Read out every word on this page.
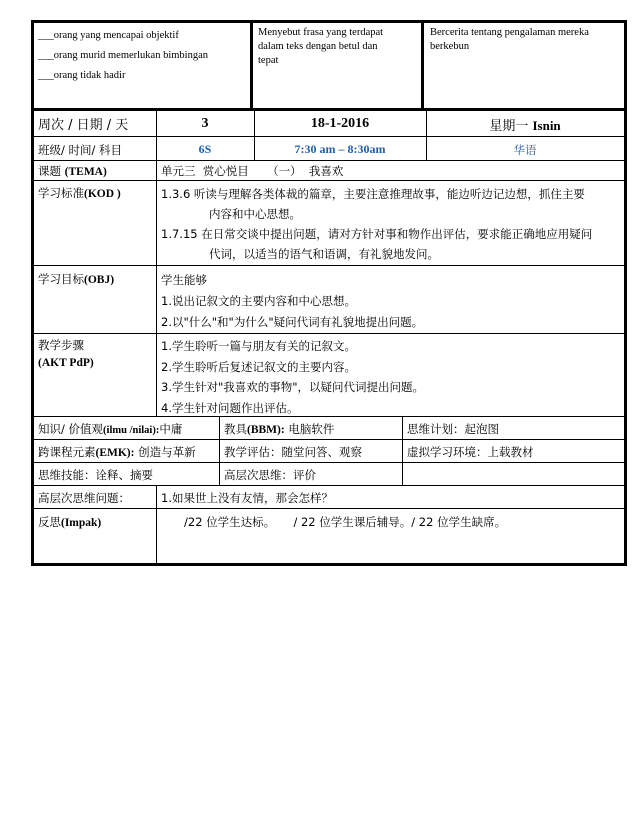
___orang yang mencapai objektif

___orang murid memerlukan bimbingan

___orang tidak hadir

Menyebut frasa yang terdapat

dalam teks dengan betul dan

tepat

Bercerita tentang pengalaman mereka

berkebun

周次 / 日期 / 天	3	18-1-2016	星期一 Isnin
班级/ 时间/ 科目	6S	7:30 am – 8:30am	华语
课题 (TEMA)	单元三  赏心悦目     （一）  我喜欢
学习标准(KOD )	1.3.6 听读与理解各类体裁的篇章，主要注意推理故事，能边听边记边想，抓住主要

内容和中心思想。

1.7.15 在日常交谈中提出问题，请对方针对事和物作出评估，要求能正确地应用疑问

代词，以适当的语气和语调，有礼貌地发问。

学习目标(OBJ)	学生能够

1.说出记叙文的主要内容和中心思想。

2.以"什么"和"为什么"疑问代词有礼貌地提出问题。

教学步骤

(AKT PdP)

1.学生聆听一篇与朋友有关的记叙文。

2.学生聆听后复述记叙文的主要内容。

3.学生针对"我喜欢的事物"，以疑问代词提出问题。

4.学生针对问题作出评估。

知识/ 价值观(ilmu /nilai):中庸	教具(BBM): 电脑软件	思维计划：起泡图
跨课程元素(EMK): 创造与革新	教学评估：随堂问答、观察	虚拟学习环境：上载教材
思维技能：诠释、摘要	高层次思维：评价
高层次思维问题：	1.如果世上没有友情，那会怎样？
反思(Impak)	/22 位学生达标。     / 22 位学生课后辅导。/ 22 位学生缺席。
